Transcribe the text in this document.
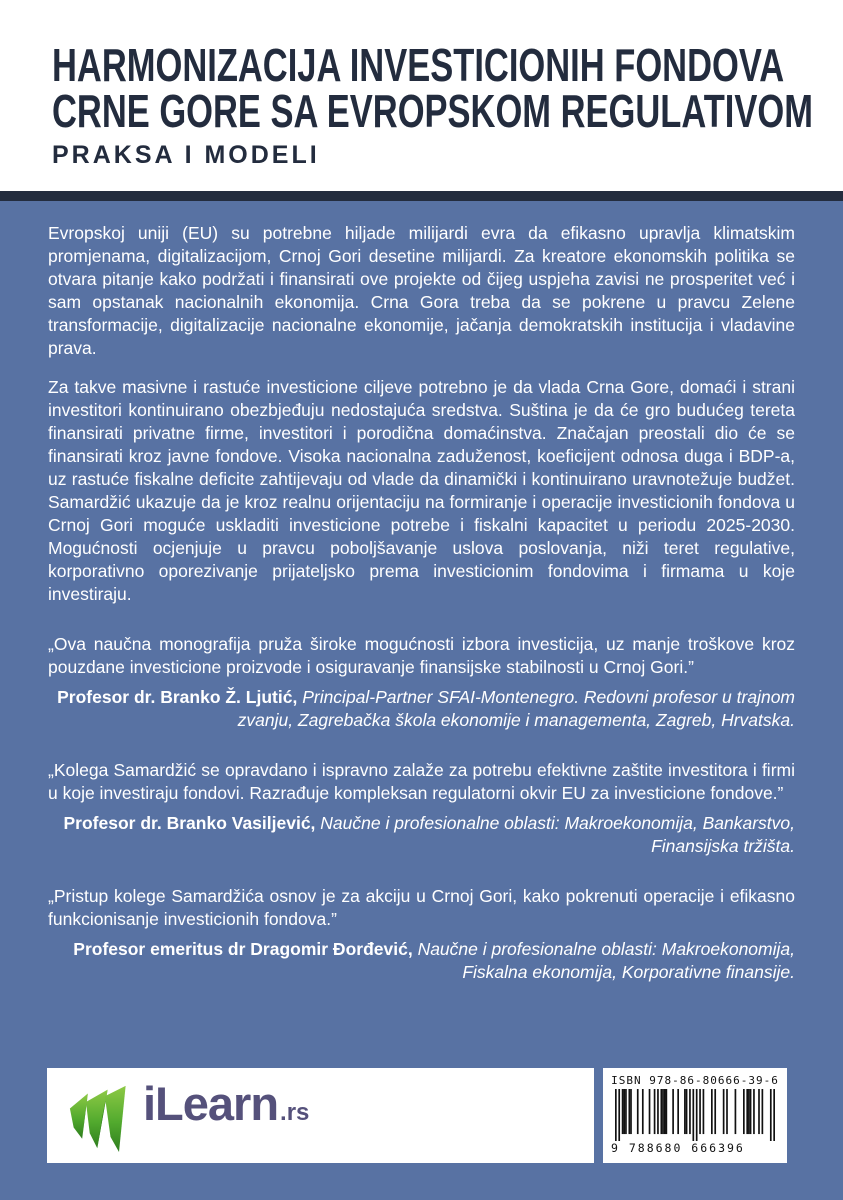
HARMONIZACIJA INVESTICIONIH FONDOVA
CRNE GORE SA EVROPSKOM REGULATIVOM
PRAKSA I MODELI

Evropskoj uniji (EU) su potrebne hiljade milijardi evra da efikasno upravlja klimatskim promjenama, digitalizacijom, Crnoj Gori desetine milijardi. Za kreatore ekonomskih politika se otvara pitanje kako podržati i finansirati ove projekte od čijeg uspjeha zavisi ne prosperitet već i sam opstanak nacionalnih ekonomija. Crna Gora treba da se pokrene u pravcu Zelene transformacije, digitalizacije nacionalne ekonomije, jačanja demokratskih institucija i vladavine prava.

Za takve masivne i rastuće investicione ciljeve potrebno je da vlada Crna Gore, domaći i strani investitori kontinuirano obezbjeđuju nedostajuća sredstva. Suština je da će gro budućeg tereta finansirati privatne firme, investitori i porodična domaćinstva. Značajan preostali dio će se finansirati kroz javne fondove. Visoka nacionalna zaduženost, koeficijent odnosa duga i BDP-a, uz rastuće fiskalne deficite zahtijevaju od vlade da dinamički i kontinuirano uravnotežuje budžet. Samardžić ukazuje da je kroz realnu orijentaciju na formiranje i operacije investicionih fondova u Crnoj Gori moguće uskladiti investicione potrebe i fiskalni kapacitet u periodu 2025-2030. Mogućnosti ocjenjuje u pravcu poboljšavanje uslova poslovanja, niži teret regulative, korporativno oporezivanje prijateljsko prema investicionim fondovima i firmama u koje investiraju.

„Ova naučna monografija pruža široke mogućnosti izbora investicija, uz manje troškove kroz pouzdane investicione proizvode i osiguravanje finansijske stabilnosti u Crnoj Gori.”

Profesor dr. Branko Ž. Ljutić, Principal-Partner SFAI-Montenegro. Redovni profesor u trajnom zvanju, Zagrebačka škola ekonomije i managementa, Zagreb, Hrvatska.

„Kolega Samardžić se opravdano i ispravno zalaže za potrebu efektivne zaštite investitora i firmi u koje investiraju fondovi. Razrađuje kompleksan regulatorni okvir EU za investicione fondove.”

Profesor dr. Branko Vasiljević, Naučne i profesionalne oblasti: Makroekonomija, Bankarstvo, Finansijska tržišta.

„Pristup kolege Samardžića osnov je za akciju u Crnoj Gori, kako pokrenuti operacije i efikasno funkcionisanje investicionih fondova.”

Profesor emeritus dr Dragomir Đorđević, Naučne i profesionalne oblasti: Makroekonomija, Fiskalna ekonomija, Korporativne finansije.

iLearn .rs
ISBN 978-86-80666-39-6
9 788680 666396
